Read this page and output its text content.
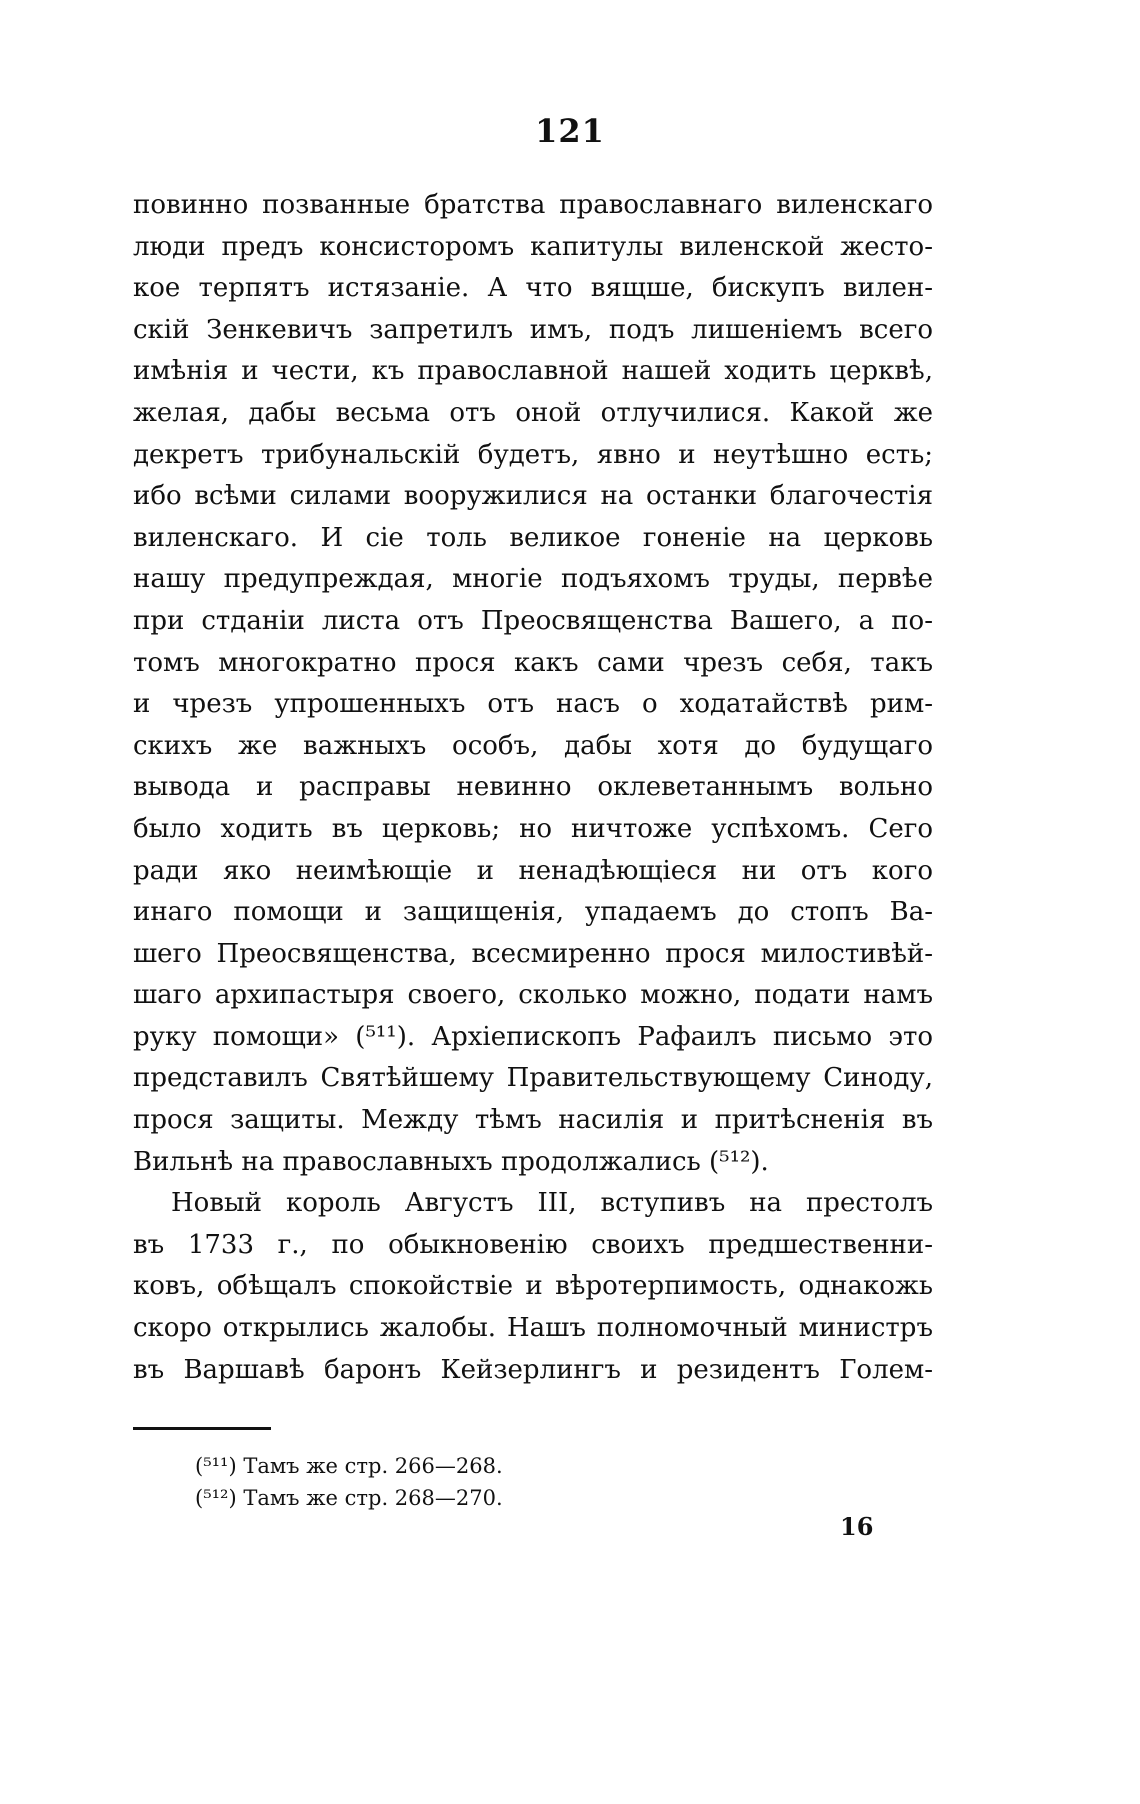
121
повинно позванные братства православнаго виленскаго
люди предъ консисторомъ капитулы виленской жесто-
кое терпятъ истязаніе. А что вящше, бискупъ вилен-
скій Зенкевичъ запретилъ имъ, подъ лишеніемъ всего
имѣнія и чести, къ православной нашей ходить церквѣ,
желая, дабы весьма отъ оной отлучилися. Какой же
декретъ трибунальскій будетъ, явно и неутѣшно есть;
ибо всѣми силами вооружилися на останки благочестія
виленскаго. И сіе толь великое гоненіе на церковь
нашу предупреждая, многіе подъяхомъ труды, первѣе
при стданіи листа отъ Преосвященства Вашего, а по-
томъ многократно прося какъ сами чрезъ себя, такъ
и чрезъ упрошенныхъ отъ насъ о ходатайствѣ рим-
скихъ же важныхъ особъ, дабы хотя до будущаго
вывода и расправы невинно оклеветаннымъ вольно
было ходить въ церковь; но ничтоже успѣхомъ. Сего
ради яко неимѣющіе и ненадѣющіеся ни отъ кого
инаго помощи и защищенія, упадаемъ до стопъ Ва-
шего Преосвященства, всесмиренно прося милостивѣй-
шаго архипастыря своего, сколько можно, подати намъ
руку помощи» (⁵¹¹). Архіепископъ Рафаилъ письмо это
представилъ Святѣйшему Правительствующему Синоду,
прося защиты. Между тѣмъ насилія и притѣсненія въ
Вильнѣ на православныхъ продолжались (⁵¹²).
Новый король Августъ III, вступивъ на престолъ
въ 1733 г., по обыкновенію своихъ предшественни-
ковъ, обѣщалъ спокойствіе и вѣротерпимость, однакожь
скоро открылись жалобы. Нашъ полномочный министръ
въ Варшавѣ баронъ Кейзерлингъ и резидентъ Голем-
(⁵¹¹) Тамъ же стр. 266—268.
(⁵¹²) Тамъ же стр. 268—270.
16
